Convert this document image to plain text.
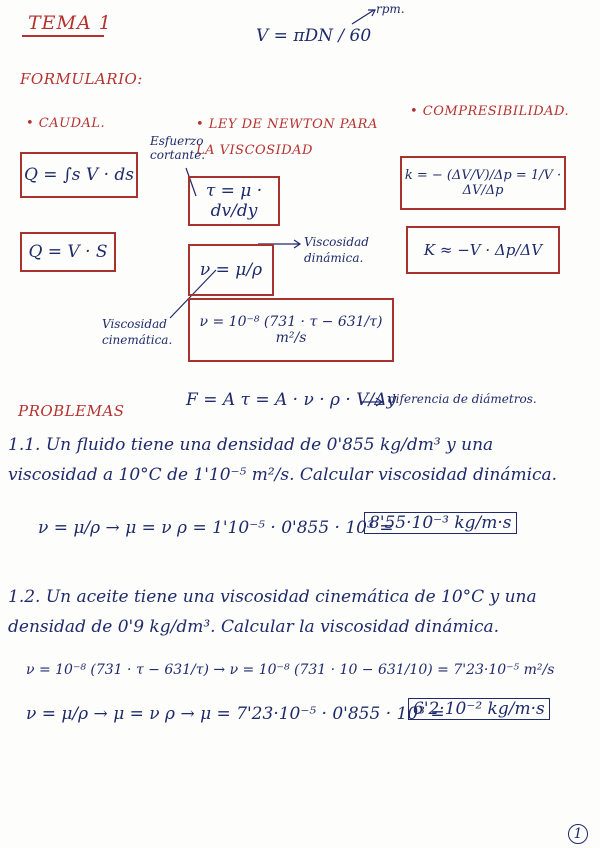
TEMA 1
V = πDN / 60
rpm.
FORMULARIO:
• CAUDAL.	• LEY DE NEWTON PARA LA VISCOSIDAD
• COMPRESIBILIDAD.
Esfuerzo cortante.
Q = ∫s V · ds
Q = V · S
τ = μ · dv/dy
ν = μ/ρ
ν = 10⁻⁸ (731 · τ − 631/τ) m²/s
k = − (ΔV/V)/Δp = 1/V · ΔV/Δp
K ≈ −V · Δp/ΔV
Viscosidad dinámica.
Viscosidad cinemática.
F = A τ = A · ν · ρ · V/Δy
diferencia de diámetros.
PROBLEMAS
1.1. Un fluido tiene una densidad de 0'855 kg/dm³ y una viscosidad a 10°C de 1'10⁻⁵ m²/s. Calcular viscosidad dinámica.
ν = μ/ρ → μ = ν ρ = 1'10⁻⁵ · 0'855 · 10³ =
8'55·10⁻³ kg/m·s
1.2. Un aceite tiene una viscosidad cinemática de 10°C y una densidad de 0'9 kg/dm³. Calcular la viscosidad dinámica.
ν = 10⁻⁸ (731 · τ − 631/τ) → ν = 10⁻⁸ (731 · 10 − 631/10) = 7'23·10⁻⁵ m²/s
ν = μ/ρ → μ = ν ρ → μ = 7'23·10⁻⁵ · 0'855 · 10³ =
6'2·10⁻² kg/m·s
1
